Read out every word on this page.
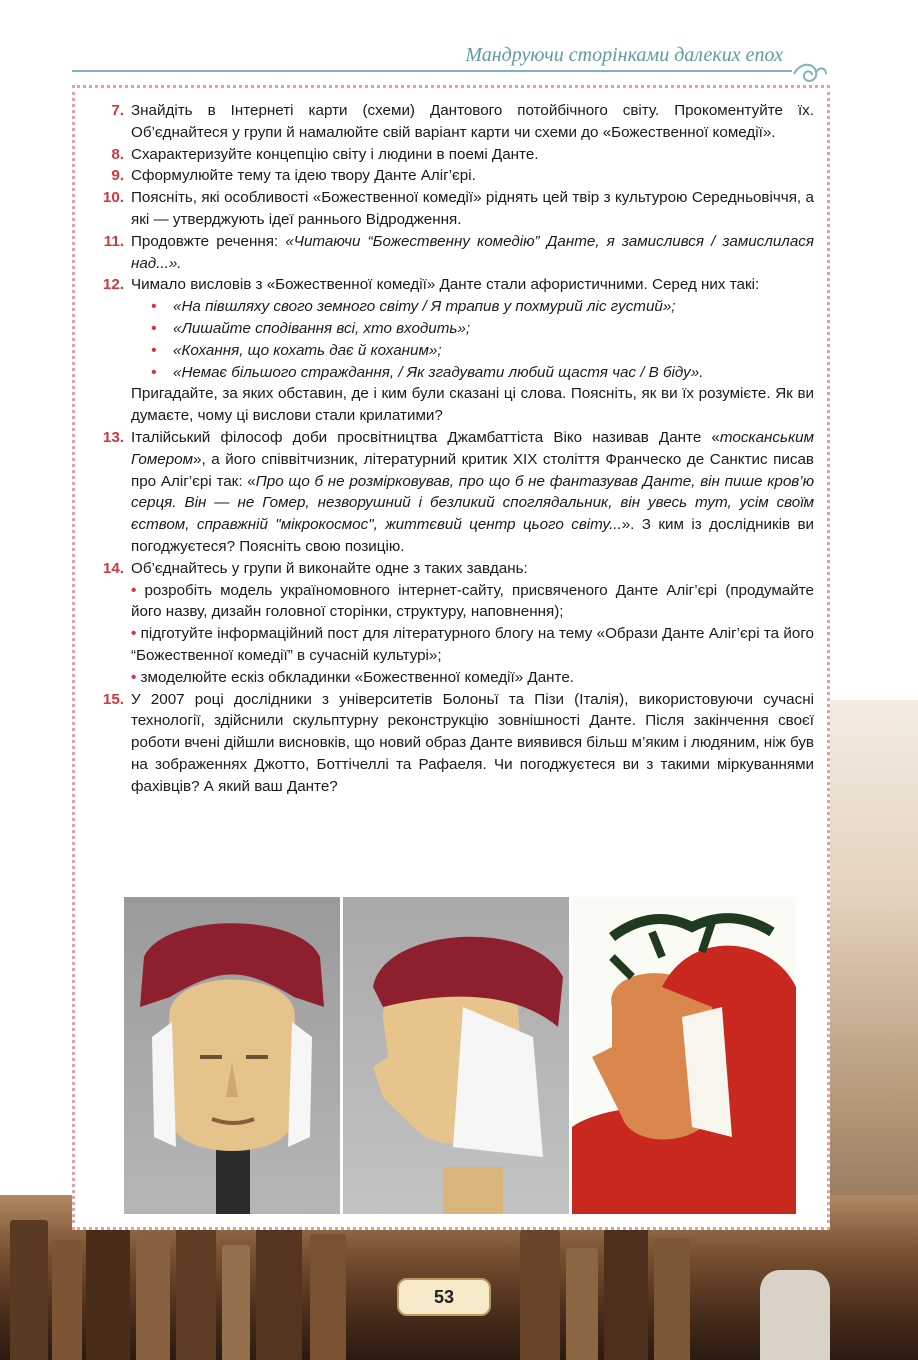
Мандруючи сторінками далеких епох
7. Знайдіть в Інтернеті карти (схеми) Дантового потойбічного світу. Прокоментуйте їх. Об’єднайтеся у групи й намалюйте свій варіант карти чи схеми до «Божественної комедії».
8. Схарактеризуйте концепцію світу і людини в поемі Данте.
9. Сформулюйте тему та ідею твору Данте Аліг’єрі.
10. Поясніть, які особливості «Божественної комедії» ріднять цей твір з культурою Середньовіччя, а які — утверджують ідеї раннього Відродження.
11. Продовжте речення: «Читаючи “Божественну комедію” Данте, я замислився / замислилася над...».
12. Чимало висловів з «Божественної комедії» Данте стали афористичними. Серед них такі:
• «На півшляху свого земного світу / Я трапив у похмурий ліс густий»;
• «Лишайте сподівання всі, хто входить»;
• «Кохання, що кохать дає й коханим»;
• «Немає більшого страждання, / Як згадувати любий щастя час / В біду».
Пригадайте, за яких обставин, де і ким були сказані ці слова. Поясніть, як ви їх розумієте. Як ви думаєте, чому ці вислови стали крилатими?
13. Італійський філософ доби просвітництва Джамбаттіста Віко називав Данте «тосканським Гомером», а його співвітчизник, літературний критик XIX століття Франческо де Санктис писав про Аліг’єрі так: «Про що б не розмірковував, про що б не фантазував Данте, він пише кров’ю серця. Він — не Гомер, незворушний і безликий споглядальник, він увесь тут, усім своїм єством, справжній "мікрокосмос", життєвий центр цього світу...». З ким із дослідників ви погоджуєтеся? Поясніть свою позицію.
14. Об’єднайтесь у групи й виконайте одне з таких завдань:
• розробіть модель україномовного інтернет-сайту, присвяченого Данте Аліг’єрі (продумайте його назву, дизайн головної сторінки, структуру, наповнення);
• підготуйте інформаційний пост для літературного блогу на тему «Образи Данте Аліг’єрі та його “Божественної комедії” в сучасній культурі»;
• змоделюйте ескіз обкладинки «Божественної комедії» Данте.
15. У 2007 році дослідники з університетів Болоньї та Пізи (Італія), використовуючи сучасні технології, здійснили скульптурну реконструкцію зовнішності Данте. Після закінчення своєї роботи вчені дійшли висновків, що новий образ Данте виявився більш м’яким і людяним, ніж був на зображеннях Джотто, Боттічеллі та Рафаеля. Чи погоджуєтеся ви з такими міркуваннями фахівців? А який ваш Данте?
53
